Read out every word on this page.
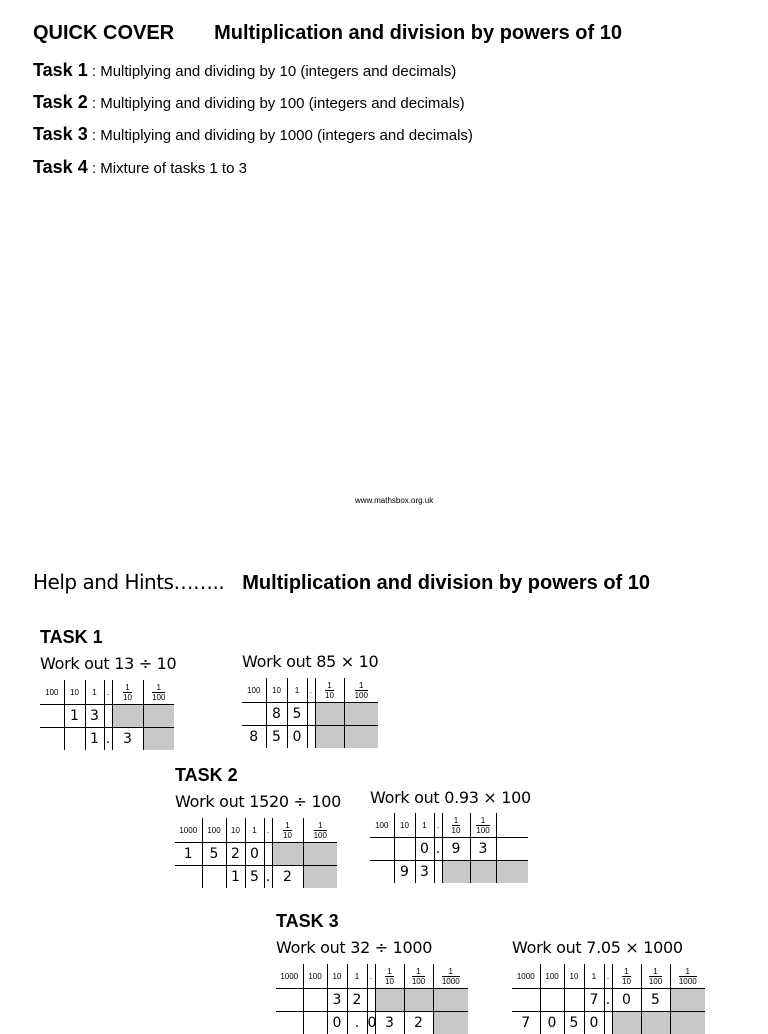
QUICK COVER Multiplication and division by powers of 10
Task 1 : Multiplying and dividing by 10 (integers and decimals)
Task 2 : Multiplying and dividing by 100 (integers and decimals)
Task 3 : Multiplying and dividing by 1000 (integers and decimals)
Task 4 : Mixture of tasks 1 to 3
www.mathsbox.org.uk
Help and Hints…….. Multiplication and division by powers of 10
TASK 1
Work out 13 ÷ 10
100	10	1	.	$\frac{1}{10}$	$\frac{1}{100}$

	1	3			
		1	.	3	
Work out 85 × 10
100	10	1	.	$\frac{1}{10}$	$\frac{1}{100}$

	8	5			
8	5	0			
TASK 2
Work out 1520 ÷ 100
1000	100	10	1	.	$\frac{1}{10}$	$\frac{1}{100}$

1	5	2	0			
		1	5	.	2	
Work out 0.93 × 100
100	10	1	.	$\frac{1}{10}$	$\frac{1}{100}$

		0	.	9	3	
	9	3				
TASK 3
Work out 32 ÷ 1000
1000	100	10	1	.	$\frac{1}{10}$	$\frac{1}{100}$	$\frac{1}{1000}$

		3	2				
		0	.	0	3	2	
Work out 7.05 × 1000
1000	100	10	1	.	$\frac{1}{10}$	$\frac{1}{100}$	$\frac{1}{1000}$

			7	.	0	5	
7	0	5	0				
